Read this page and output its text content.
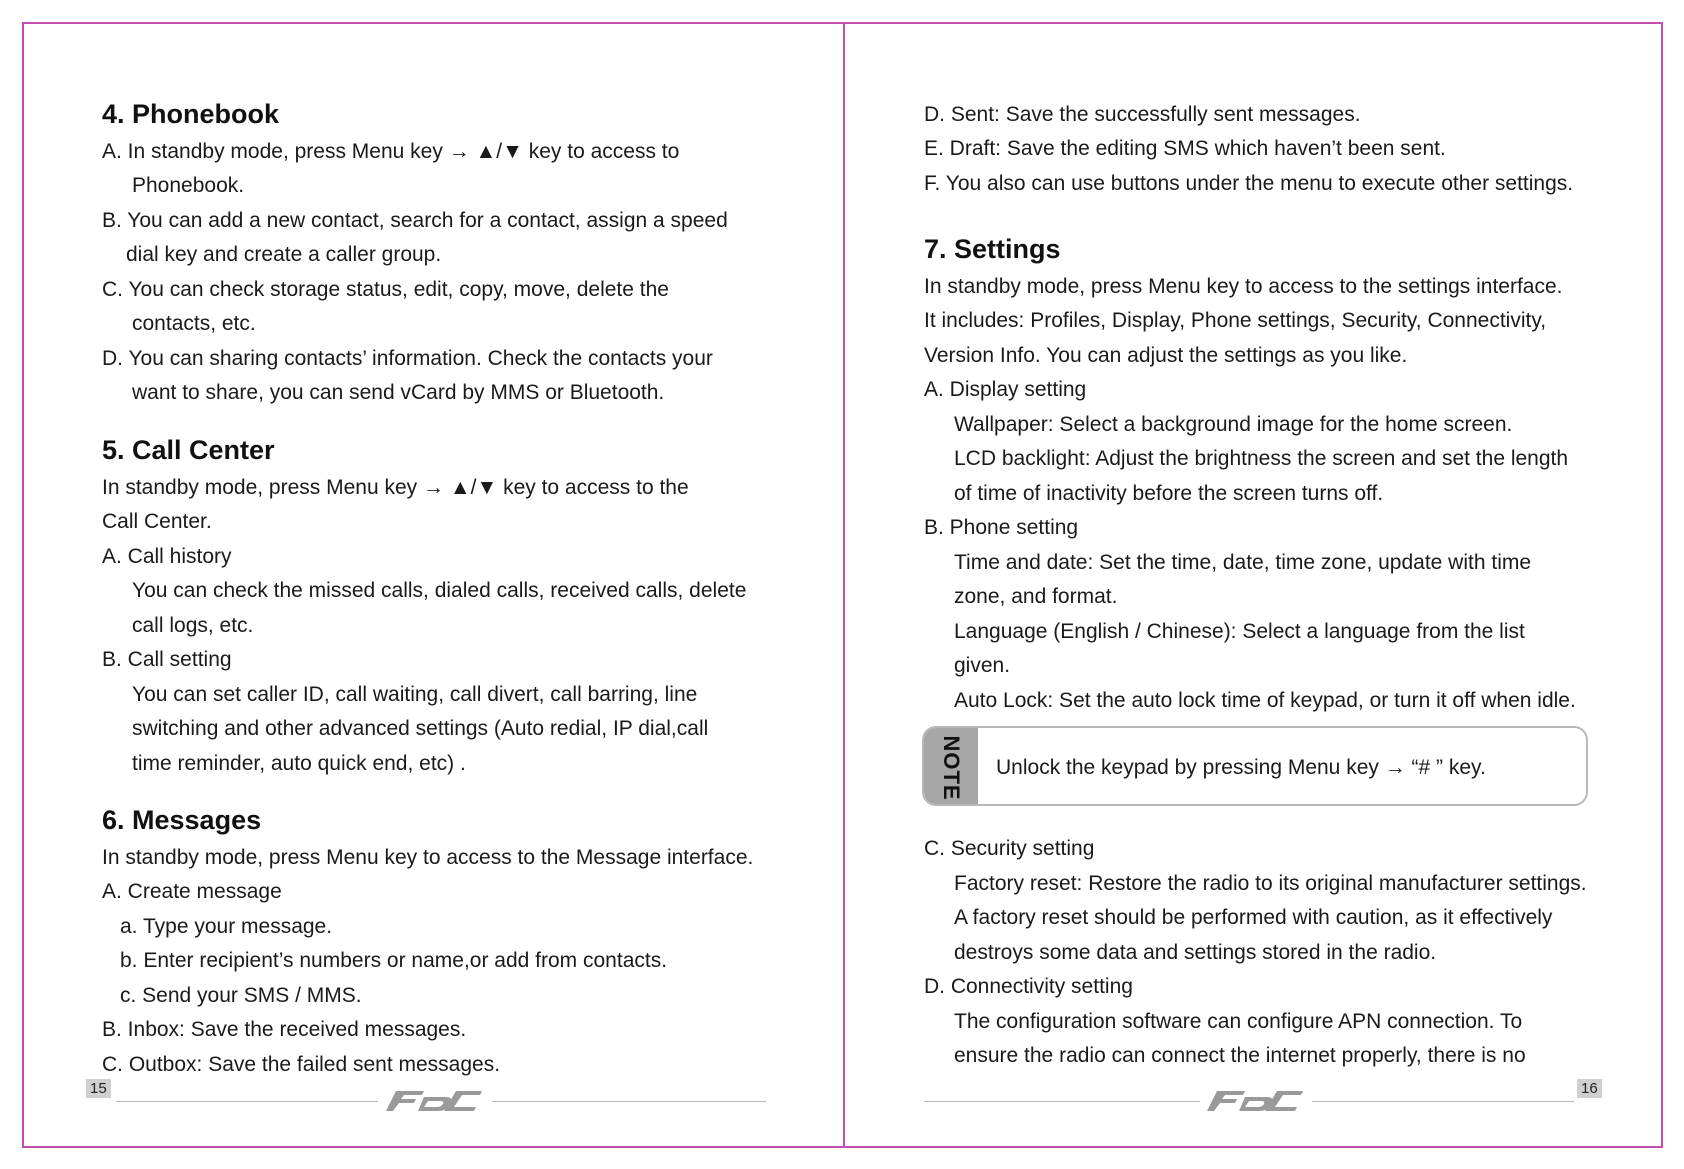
4. Phonebook
A. In standby mode, press Menu key → ▲/▼ key to access to
Phonebook.
B. You can add a new contact, search for a contact, assign a speed
dial key and create a caller group.
C. You can check storage status, edit, copy, move, delete the
contacts, etc.
D. You can sharing contacts’ information. Check the contacts your
want to share, you can send vCard by MMS or Bluetooth.
5. Call Center
In standby mode, press Menu key → ▲/▼ key to access to the
Call Center.
A. Call history
You can check the missed calls, dialed calls, received calls, delete
call logs, etc.
B. Call setting
You can set caller ID, call waiting, call divert, call barring, line
switching and other advanced settings (Auto redial, IP dial,call
time reminder, auto quick end, etc) .
6. Messages
In standby mode, press Menu key to access to the Message interface.
A. Create message
a. Type your message.
b. Enter recipient’s numbers or name,or add from contacts.
c. Send your SMS / MMS.
B. Inbox: Save the received messages.
C. Outbox: Save the failed sent messages.
15
D. Sent: Save the successfully sent messages.
E. Draft: Save the editing SMS which haven’t been sent.
F. You also can use buttons under the menu to execute other settings.
7. Settings
In standby mode, press Menu key to access to the settings interface.
It includes: Profiles, Display, Phone settings, Security, Connectivity,
Version Info. You can adjust the settings as you like.
A. Display setting
Wallpaper: Select a background image for the home screen.
LCD backlight: Adjust the brightness the screen and set the length
of time of inactivity before the screen turns off.
B. Phone setting
Time and date: Set the time, date, time zone, update with time
zone, and format.
Language (English / Chinese): Select a language from the list
given.
Auto Lock: Set the auto lock time of keypad, or turn it off when idle.
NOTE Unlock the keypad by pressing Menu key → “# ” key.
C. Security setting
Factory reset: Restore the radio to its original manufacturer settings.
A factory reset should be performed with caution, as it effectively
destroys some data and settings stored in the radio.
D. Connectivity setting
The configuration software can configure APN connection. To
ensure the radio can connect the internet properly, there is no
16
